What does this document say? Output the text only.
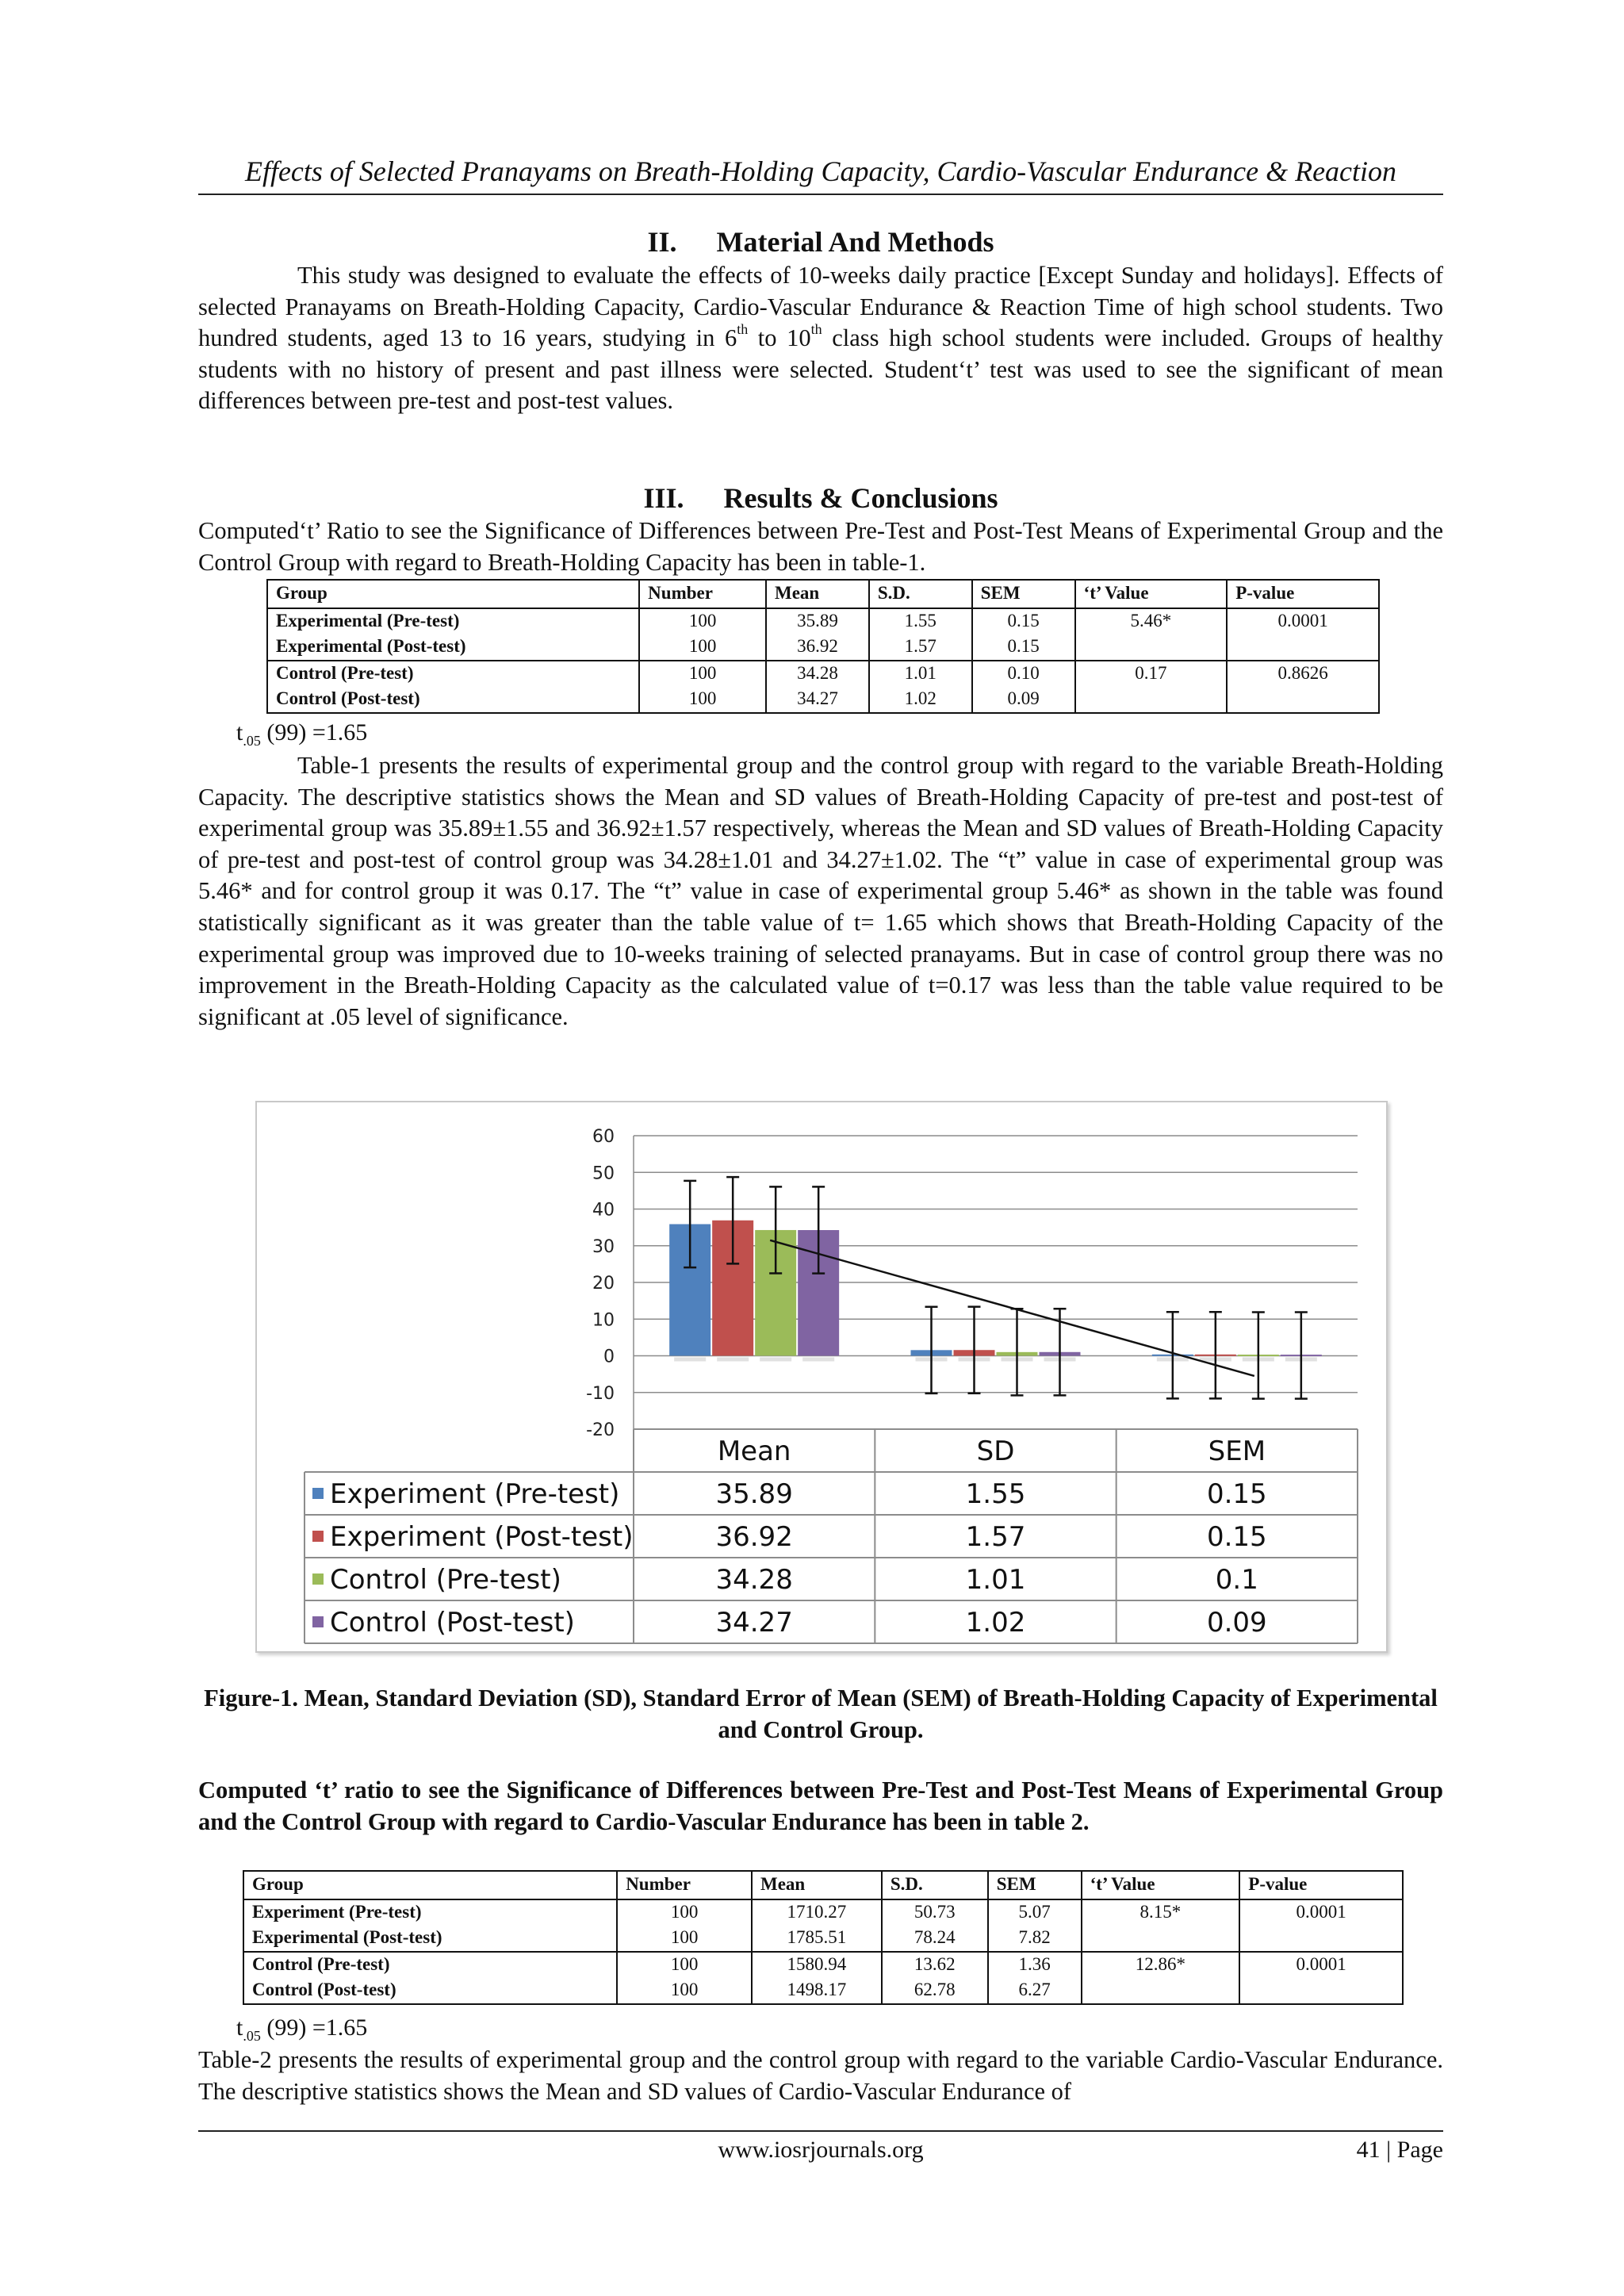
Effects of Selected Pranayams on Breath-Holding Capacity, Cardio-Vascular Endurance & Reaction
II. Material And Methods

This study was designed to evaluate the effects of 10-weeks daily practice [Except Sunday and holidays]. Effects of selected Pranayams on Breath-Holding Capacity, Cardio-Vascular Endurance & Reaction Time of high school students. Two hundred students, aged 13 to 16 years, studying in 6th to 10th class high school students were included. Groups of healthy students with no history of present and past illness were selected. Student‘t’ test was used to see the significant of mean differences between pre-test and post-test values.

III. Results & Conclusions

Computed‘t’ Ratio to see the Significance of Differences between Pre-Test and Post-Test Means of Experimental Group and the Control Group with regard to Breath-Holding Capacity has been in table-1.

Group	Number	Mean	S.D.	SEM	‘t’ Value	P-value
Experimental (Pre-test)	100	35.89	1.55	0.15	5.46*	0.0001
Experimental (Post-test)	100	36.92	1.57	0.15		
Control (Pre-test)	100	34.28	1.01	0.10	0.17	0.8626
Control (Post-test)	100	34.27	1.02	0.09		
$t_{.05}$ (99) =1.65

Table-1 presents the results of experimental group and the control group with regard to the variable Breath-Holding Capacity. The descriptive statistics shows the Mean and SD values of Breath-Holding Capacity of pre-test and post-test of experimental group was 35.89±1.55 and 36.92±1.57 respectively, whereas the Mean and SD values of Breath-Holding Capacity of pre-test and post-test of control group was 34.28±1.01 and 34.27±1.02. The “t” value in case of experimental group was 5.46* and for control group it was 0.17. The “t” value in case of experimental group 5.46* as shown in the table was found statistically significant as it was greater than the table value of t= 1.65 which shows that Breath-Holding Capacity of the experimental group was improved due to 10-weeks training of selected pranayams. But in case of control group there was no improvement in the Breath-Holding Capacity as the calculated value of t=0.17 was less than the table value required to be significant at .05 level of significance.

Figure-1. Mean, Standard Deviation (SD), Standard Error of Mean (SEM) of Breath-Holding Capacity of Experimental and Control Group.

Computed ‘t’ ratio to see the Significance of Differences between Pre-Test and Post-Test Means of Experimental Group and the Control Group with regard to Cardio-Vascular Endurance has been in table 2.

Group	Number	Mean	S.D.	SEM	‘t’ Value	P-value
Experiment (Pre-test)	100	1710.27	50.73	5.07	8.15*	0.0001
Experimental (Post-test)	100	1785.51	78.24	7.82		
Control (Pre-test)	100	1580.94	13.62	1.36	12.86*	0.0001
Control (Post-test)	100	1498.17	62.78	6.27		
$t_{.05}$ (99) =1.65

Table-2 presents the results of experimental group and the control group with regard to the variable Cardio-Vascular Endurance. The descriptive statistics shows the Mean and SD values of Cardio-Vascular Endurance of

www.iosrjournals.org	41 | Page
60
50
40
30
20
10
0
-10
-20
Mean	SD	SEM
Experiment (Pre-test)	35.89	1.55	0.15
Experiment (Post-test)	36.92	1.57	0.15
Control (Pre-test)	34.28	1.01	0.1
Control (Post-test)	34.27	1.02	0.09
